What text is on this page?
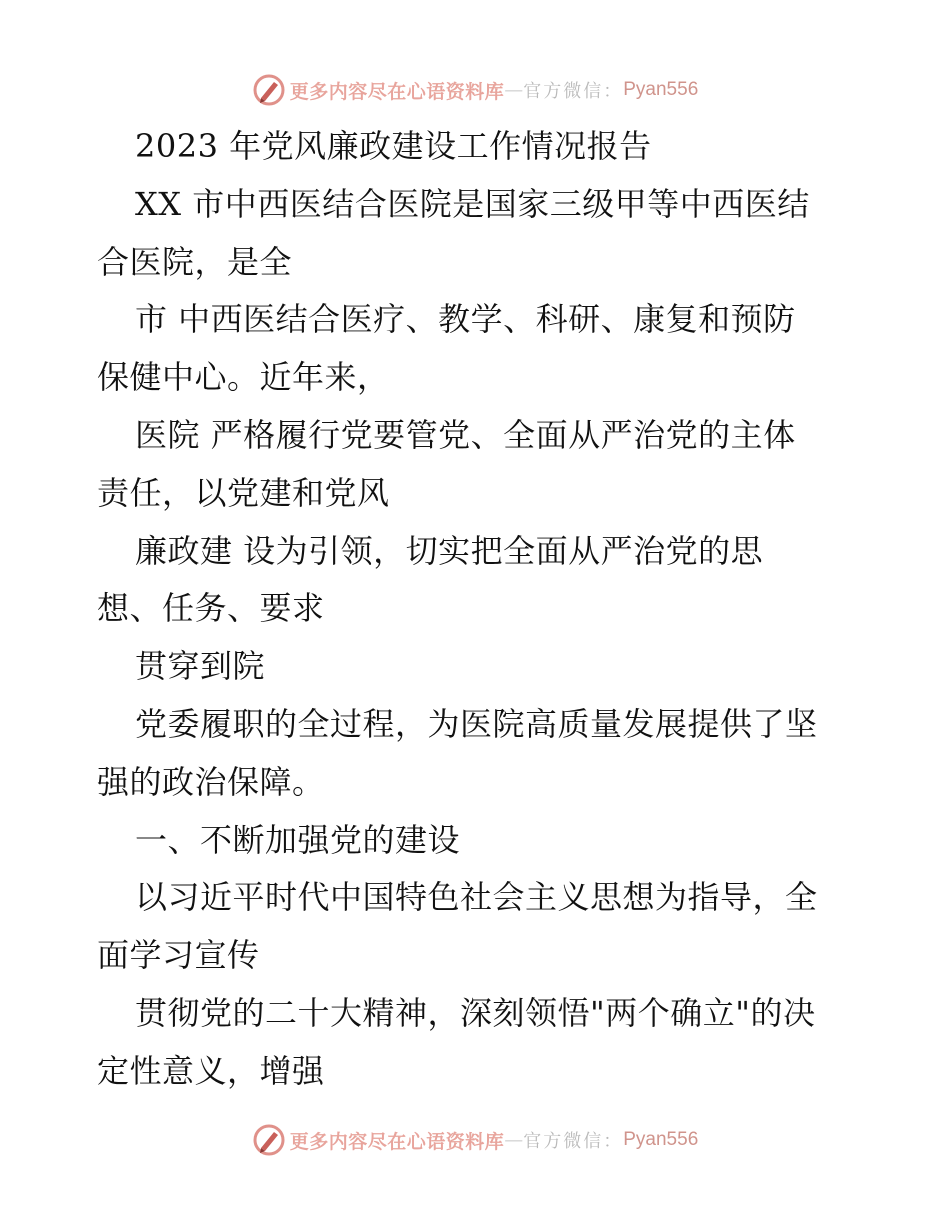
更多内容尽在心语资料库 — 官方微信： Pyan556
2023 年党风廉政建设工作情况报告
XX 市中西医结合医院是国家三级甲等中西医结
合医院，是全
市 中西医结合医疗、教学、科研、康复和预防
保健中心。近年来，
医院 严格履行党要管党、全面从严治党的主体
责任，以党建和党风
廉政建 设为引领，切实把全面从严治党的思
想、任务、要求
贯穿到院
党委履职的全过程，为医院高质量发展提供了坚
强的政治保障。
一、不断加强党的建设
以习近平时代中国特色社会主义思想为指导，全
面学习宣传
贯彻党的二十大精神，深刻领悟"两个确立"的决
定性意义，增强
更多内容尽在心语资料库 — 官方微信： Pyan556
